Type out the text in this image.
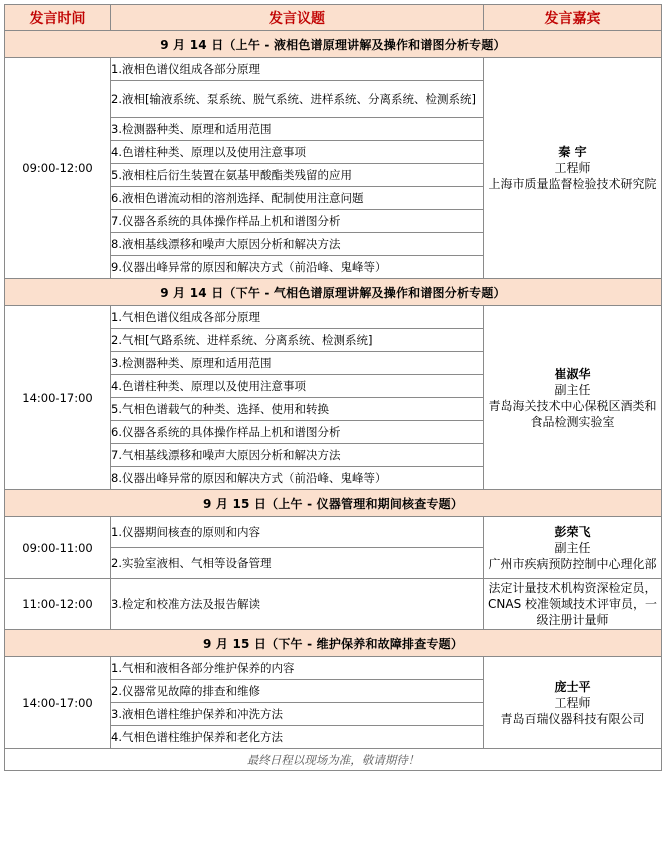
发言时间	发言议题	发言嘉宾
9 月 14 日（上午 - 液相色谱原理讲解及操作和谱图分析专题）		
09:00-12:00	1.液相色谱仪组成各部分原理	秦 宇
工程师
上海市质量监督检验技术研究院

	2.液相[输液系统、泵系统、脱气系统、进样系统、分离系统、检测系统]	
	3.检测器种类、原理和适用范围	
	4.色谱柱种类、原理以及使用注意事项	
	5.液相柱后衍生装置在氨基甲酸酯类残留的应用	
	6.液相色谱流动相的溶剂选择、配制使用注意问题	
	7.仪器各系统的具体操作样品上机和谱图分析	
	8.液相基线漂移和噪声大原因分析和解决方法	
	9.仪器出峰异常的原因和解决方式（前沿峰、鬼峰等）	
9 月 14 日（下午 - 气相色谱原理讲解及操作和谱图分析专题）		
14:00-17:00	1.气相色谱仪组成各部分原理	崔淑华
副主任
青岛海关技术中心保税区酒类和食品检测实验室

	2.气相[气路系统、进样系统、分离系统、检测系统]	
	3.检测器种类、原理和适用范围	
	4.色谱柱种类、原理以及使用注意事项	
	5.气相色谱载气的种类、选择、使用和转换	
	6.仪器各系统的具体操作样品上机和谱图分析	
	7.气相基线漂移和噪声大原因分析和解决方法	
	8.仪器出峰异常的原因和解决方式（前沿峰、鬼峰等）	
9 月 15 日（上午 - 仪器管理和期间核查专题）		
09:00-11:00	1.仪器期间核查的原则和内容	彭荣飞
副主任
广州市疾病预防控制中心理化部

	2.实验室液相、气相等设备管理	
11:00-12:00	3.检定和校准方法及报告解读	法定计量技术机构资深检定员，CNAS 校准领域技术评审员，一级注册计量师

9 月 15 日（下午 - 维护保养和故障排查专题）		
14:00-17:00	1.气相和液相各部分维护保养的内容	庞士平
工程师
青岛百瑞仪器科技有限公司

	2.仪器常见故障的排查和维修	
	3.液相色谱柱维护保养和冲洗方法	
	4.气相色谱柱维护保养和老化方法	
最终日程以现场为准，敬请期待！		
